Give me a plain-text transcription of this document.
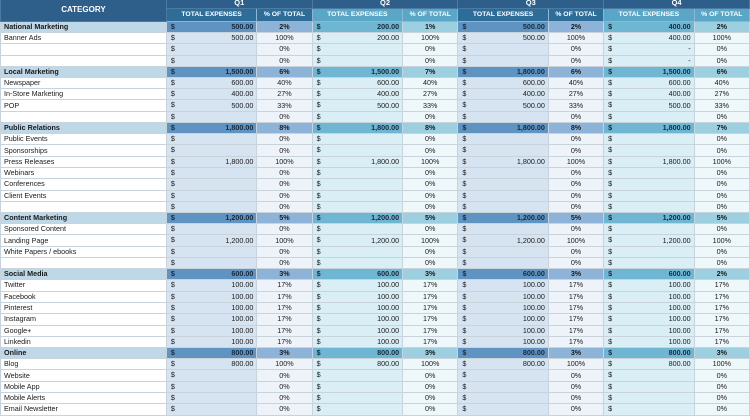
CATEGORY	Q1		Q2		Q3		Q4	
	TOTAL EXPENSES	% OF TOTAL	TOTAL EXPENSES	% OF TOTAL	TOTAL EXPENSES	% OF TOTAL	TOTAL EXPENSES	% OF TOTAL
National Marketing	$ 500.00	2%	$ 200.00	1%	$ 500.00	2%	$ 400.00	2%
Banner Ads	$ 500.00	100%	$ 200.00	100%	$ 500.00	100%	$ 400.00	100%

	$	0%	$	0%	$	0%	$ -	0%

	$	0%	$	0%	$	0%	$ -	0%
Local Marketing	$ 1,500.00	6%	$ 1,500.00	7%	$ 1,800.00	6%	$ 1,500.00	6%
Newspaper	$ 600.00	40%	$ 600.00	40%	$ 600.00	40%	$ 600.00	40%
In-Store Marketing	$ 400.00	27%	$ 400.00	27%	$ 400.00	27%	$ 400.00	27%
POP	$ 500.00	33%	$ 500.00	33%	$ 500.00	33%	$ 500.00	33%

	$	0%	$	0%	$	0%	$	0%
Public Relations	$ 1,800.00	8%	$ 1,800.00	8%	$ 1,800.00	8%	$ 1,800.00	7%
Public Events	$	0%	$	0%	$	0%	$	0%
Sponsorships	$	0%	$	0%	$	0%	$	0%
Press Releases	$ 1,800.00	100%	$ 1,800.00	100%	$ 1,800.00	100%	$ 1,800.00	100%
Webinars	$	0%	$	0%	$	0%	$	0%
Conferences	$	0%	$	0%	$	0%	$	0%
Client Events	$	0%	$	0%	$	0%	$	0%

	$	0%	$	0%	$	0%	$	0%
Content Marketing	$ 1,200.00	5%	$ 1,200.00	5%	$ 1,200.00	5%	$ 1,200.00	5%
Sponsored Content	$	0%	$	0%	$	0%	$	0%
Landing Page	$ 1,200.00	100%	$ 1,200.00	100%	$ 1,200.00	100%	$ 1,200.00	100%
White Papers / ebooks	$	0%	$	0%	$	0%	$	0%

	$	0%	$	0%	$	0%	$	0%
Social Media	$ 600.00	3%	$ 600.00	3%	$ 600.00	3%	$ 600.00	2%
Twitter	$ 100.00	17%	$ 100.00	17%	$ 100.00	17%	$ 100.00	17%
Facebook	$ 100.00	17%	$ 100.00	17%	$ 100.00	17%	$ 100.00	17%
Pinterest	$ 100.00	17%	$ 100.00	17%	$ 100.00	17%	$ 100.00	17%
Instagram	$ 100.00	17%	$ 100.00	17%	$ 100.00	17%	$ 100.00	17%
Google+	$ 100.00	17%	$ 100.00	17%	$ 100.00	17%	$ 100.00	17%
Linkedin	$ 100.00	17%	$ 100.00	17%	$ 100.00	17%	$ 100.00	17%
Online	$ 800.00	3%	$ 800.00	3%	$ 800.00	3%	$ 800.00	3%
Blog	$ 800.00	100%	$ 800.00	100%	$ 800.00	100%	$ 800.00	100%
Website	$	0%	$	0%	$	0%	$	0%
Mobile App	$	0%	$	0%	$	0%	$	0%
Mobile Alerts	$	0%	$	0%	$	0%	$	0%
Email Newsletter	$	0%	$	0%	$	0%	$	0%
